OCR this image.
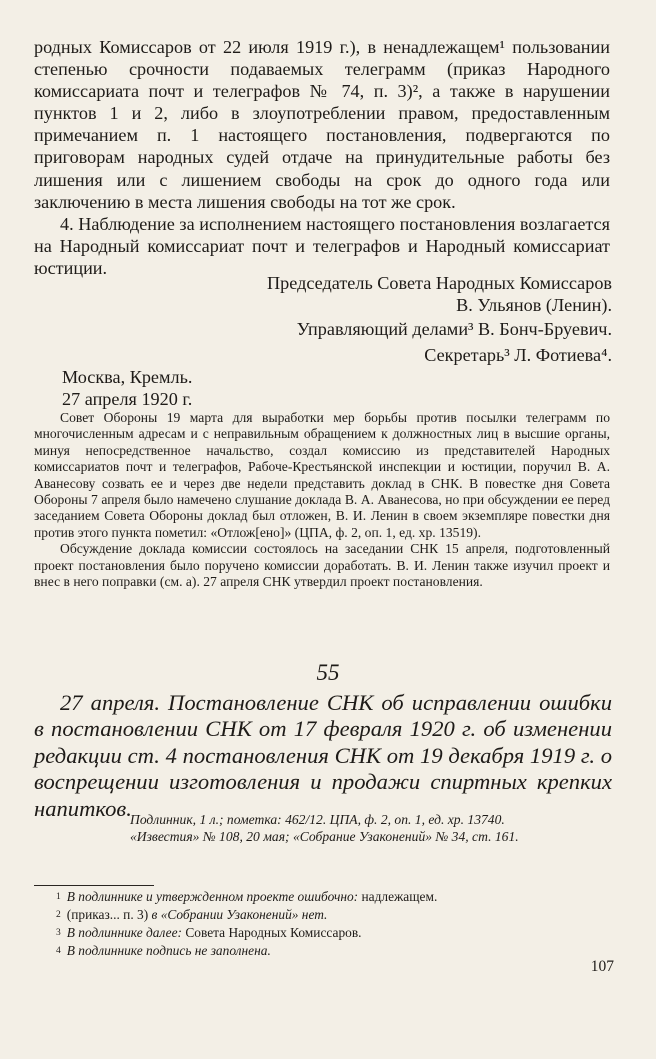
родных Комиссаров от 22 июля 1919 г.), в ненадлежащем¹ пользовании степенью срочности подаваемых телеграмм (приказ Народного комиссариата почт и телеграфов № 74, п. 3)², а также в нарушении пунктов 1 и 2, либо в злоупотреблении правом, предоставленным примечанием п. 1 настоящего постановления, подвергаются по приговорам народных судей отдаче на принудительные работы без лишения или с лишением свободы на срок до одного года или заключению в места лишения свободы на тот же срок.

4. Наблюдение за исполнением настоящего постановления возлагается на Народный комиссариат почт и телеграфов и Народный комиссариат юстиции.

Председатель Совета Народных Комиссаров
В. Ульянов (Ленин).
Управляющий делами³ В. Бонч-Бруевич.
Секретарь³ Л. Фотиева⁴.
Москва, Кремль.
27 апреля 1920 г.

Совет Обороны 19 марта для выработки мер борьбы против посылки телеграмм по многочисленным адресам и с неправильным обращением к должностных лиц в высшие органы, минуя непосредственное начальство, создал комиссию из представителей Народных комиссариатов почт и телеграфов, Рабоче-Крестьянской инспекции и юстиции, поручил В. А. Аванесову созвать ее и через две недели представить доклад в СНК. В повестке дня Совета Обороны 7 апреля было намечено слушание доклада В. А. Аванесова, но при обсуждении ее перед заседанием Совета Обороны доклад был отложен, В. И. Ленин в своем экземпляре повестки дня против этого пункта пометил: «Отлож[ено]» (ЦПА, ф. 2, оп. 1, ед. хр. 13519).

Обсуждение доклада комиссии состоялось на заседании СНК 15 апреля, подготовленный проект постановления было поручено комиссии доработать. В. И. Ленин также изучил проект и внес в него поправки (см. а). 27 апреля СНК утвердил проект постановления.

55

27 апреля. Постановление СНК об исправлении ошибки в постановлении СНК от 17 февраля 1920 г. об изменении редакции ст. 4 постановления СНК от 19 декабря 1919 г. о воспрещении изготовления и продажи спиртных крепких напитков.

Подлинник, 1 л.; пометка: 462/12. ЦПА, ф. 2, оп. 1, ед. хр. 13740.

«Известия» № 108, 20 мая; «Собрание Узаконений» № 34, ст. 161.

1 В подлиннике и утвержденном проекте ошибочно: надлежащем.
2 (приказ... п. 3) в «Собрании Узаконений» нет.
3 В подлиннике далее: Совета Народных Комиссаров.
4 В подлиннике подпись не заполнена.
107
